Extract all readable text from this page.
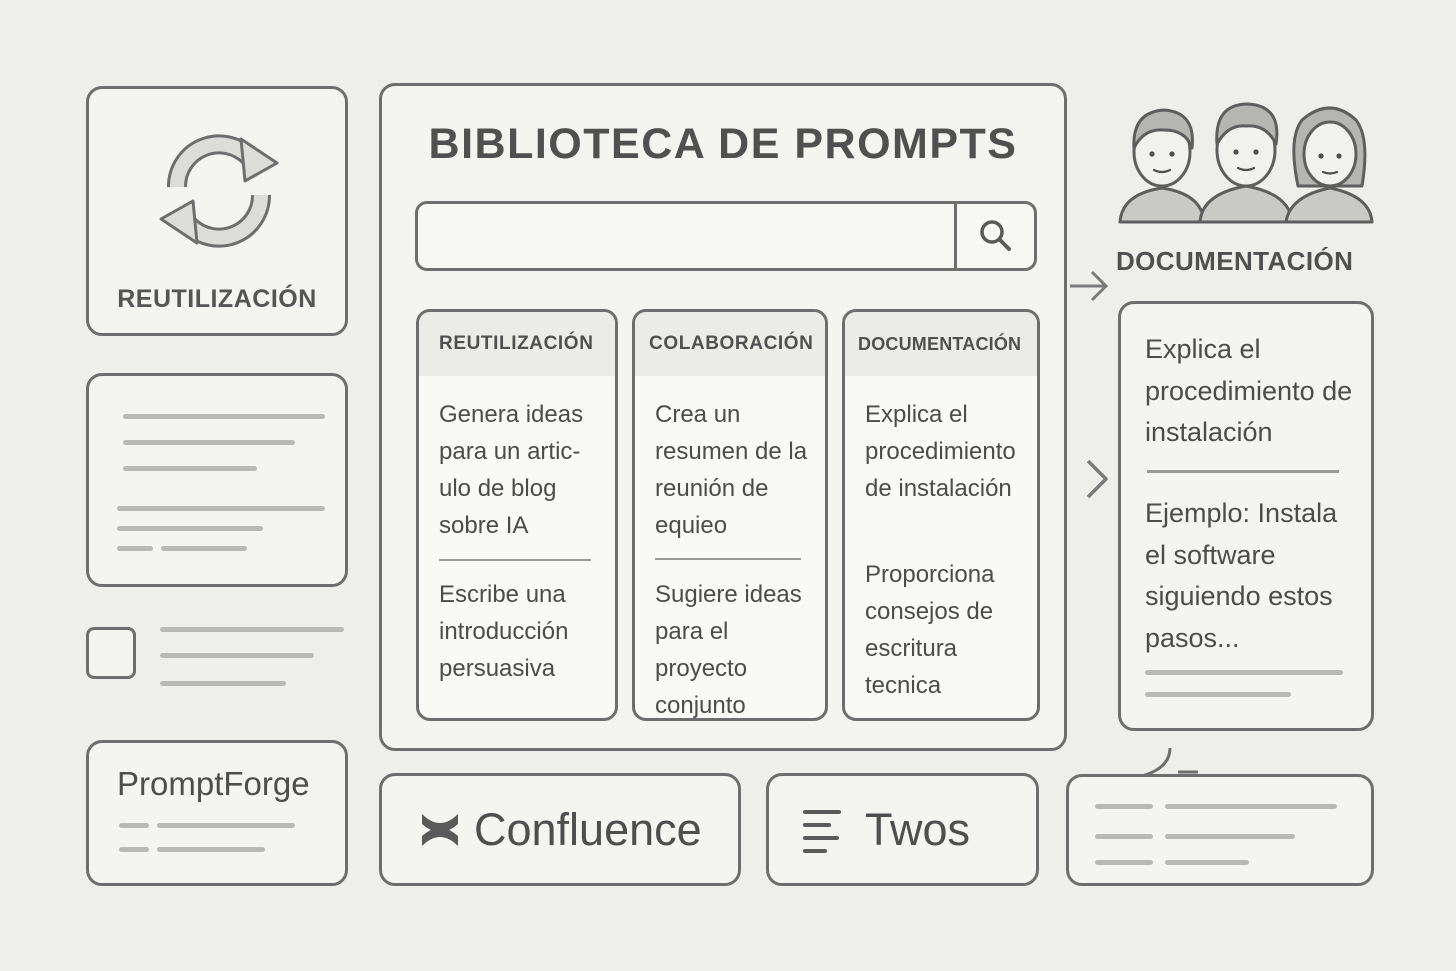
REUTILIZACIÓN
PromptForge
BIBLIOTECA DE PROMPTS
REUTILIZACIÓN
Genera ideas para un artic-ulo de blog sobre IA
Escribe una introducción persuasiva
COLABORACIÓN
Crea un resumen de la reunión de equieo
Sugiere ideas para el proyecto conjunto
DOCUMENTACIÓN
Explica el procedimiento de instalación
Proporciona consejos de escritura tecnica
DOCUMENTACIÓN
Explica el procedimiento de instalación
Ejemplo: Instala el software siguiendo estos pasos...
Confluence	Twos
